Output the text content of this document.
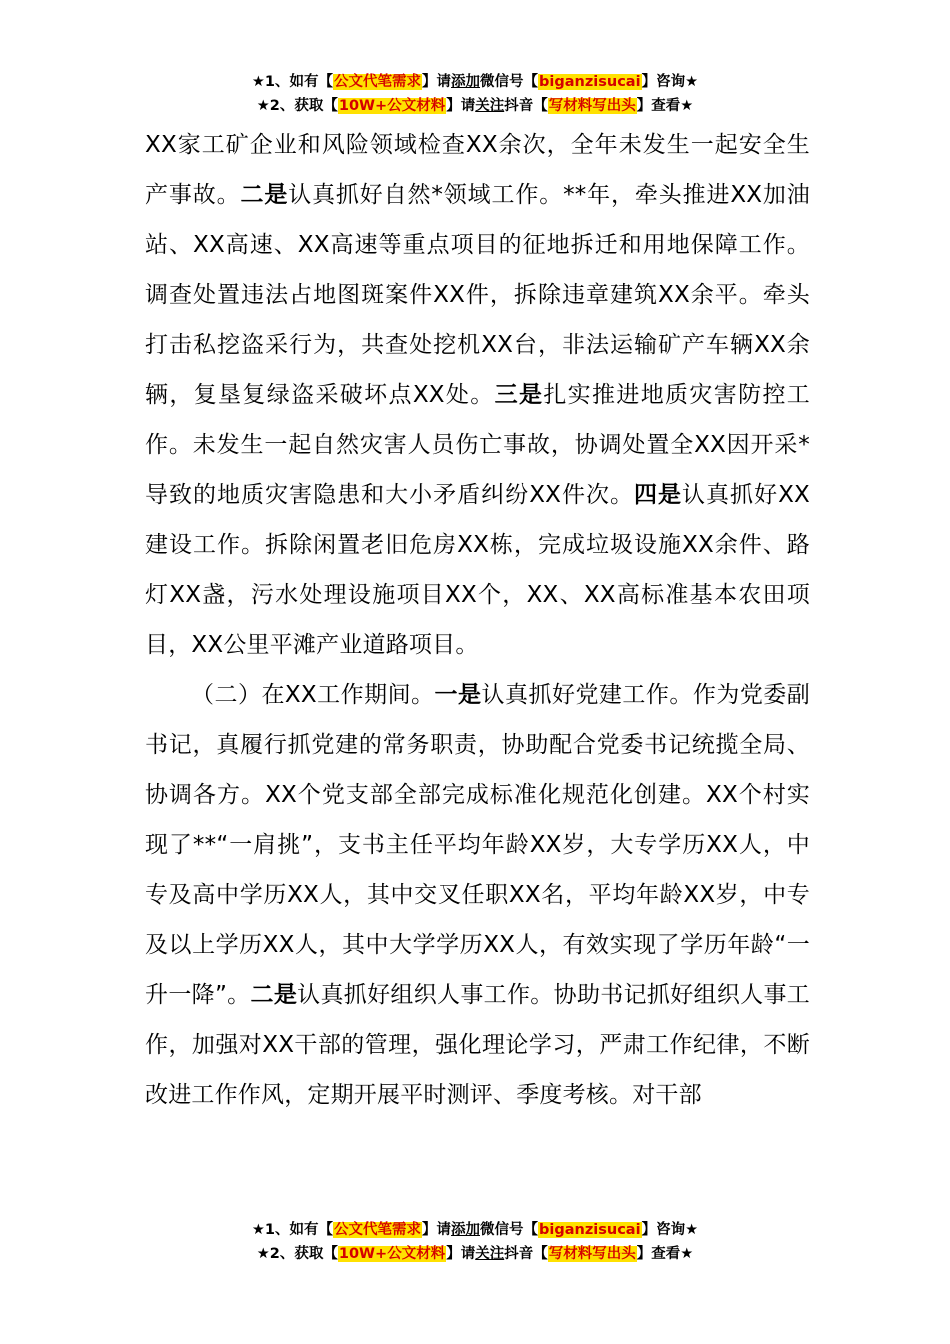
★1、如有【公文代笔需求】请添加微信号【biganzisucai】咨询★
★2、获取【10W+公文材料】请关注抖音【写材料写出头】查看★

XX家工矿企业和风险领域检查XX余次，全年未发生一起安全生产事故。二是认真抓好自然*领域工作。**年，牵头推进XX加油站、XX高速、XX高速等重点项目的征地拆迁和用地保障工作。调查处置违法占地图斑案件XX件，拆除违章建筑XX余平。牵头打击私挖盗采行为，共查处挖机XX台，非法运输矿产车辆XX余辆，复垦复绿盗采破坏点XX处。三是扎实推进地质灾害防控工作。未发生一起自然灾害人员伤亡事故，协调处置全XX因开采*导致的地质灾害隐患和大小矛盾纠纷XX件次。四是认真抓好XX建设工作。拆除闲置老旧危房XX栋，完成垃圾设施XX余件、路灯XX盏，污水处理设施项目XX个，XX、XX高标准基本农田项目，XX公里平滩产业道路项目。

（二）在XX工作期间。一是认真抓好党建工作。作为党委副书记，真履行抓党建的常务职责，协助配合党委书记统揽全局、协调各方。XX个党支部全部完成标准化规范化创建。XX个村实现了**“一肩挑”，支书主任平均年龄XX岁，大专学历XX人，中专及高中学历XX人，其中交叉任职XX名，平均年龄XX岁，中专及以上学历XX人，其中大学学历XX人，有效实现了学历年龄“一升一降”。二是认真抓好组织人事工作。协助书记抓好组织人事工作，加强对XX干部的管理，强化理论学习，严肃工作纪律，不断改进工作作风，定期开展平时测评、季度考核。对干部

★1、如有【公文代笔需求】请添加微信号【biganzisucai】咨询★
★2、获取【10W+公文材料】请关注抖音【写材料写出头】查看★
